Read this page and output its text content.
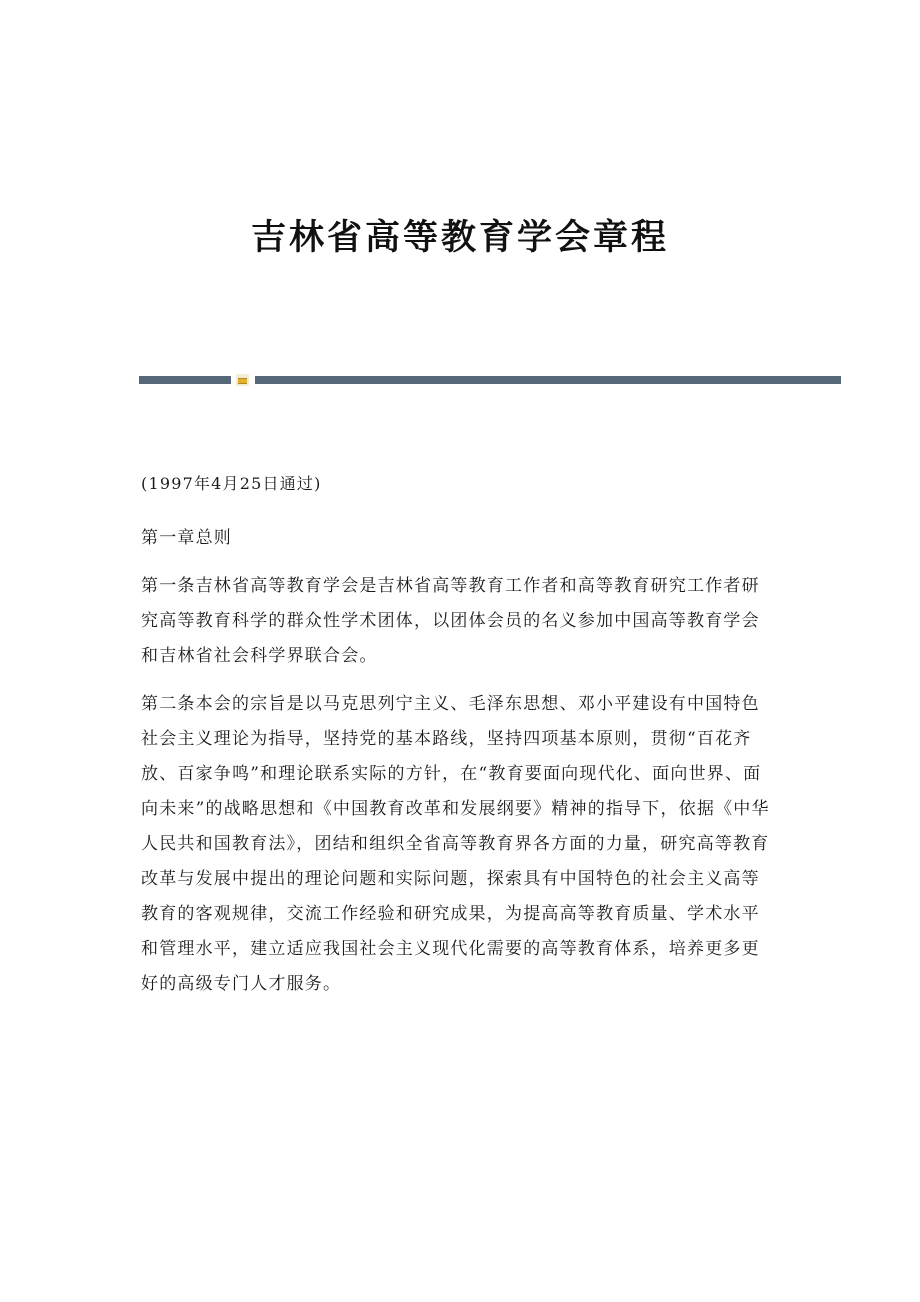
吉林省高等教育学会章程

(1997年4月25日通过)

第一章总则

第一条吉林省高等教育学会是吉林省高等教育工作者和高等教育研究工作者研究高等教育科学的群众性学术团体，以团体会员的名义参加中国高等教育学会和吉林省社会科学界联合会。

第二条本会的宗旨是以马克思列宁主义、毛泽东思想、邓小平建设有中国特色社会主义理论为指导，坚持党的基本路线，坚持四项基本原则，贯彻“百花齐放、百家争鸣”和理论联系实际的方针，在“教育要面向现代化、面向世界、面向未来”的战略思想和《中国教育改革和发展纲要》精神的指导下，依据《中华人民共和国教育法》，团结和组织全省高等教育界各方面的力量，研究高等教育改革与发展中提出的理论问题和实际问题，探索具有中国特色的社会主义高等教育的客观规律，交流工作经验和研究成果，为提高高等教育质量、学术水平和管理水平，建立适应我国社会主义现代化需要的高等教育体系，培养更多更好的高级专门人才服务。
